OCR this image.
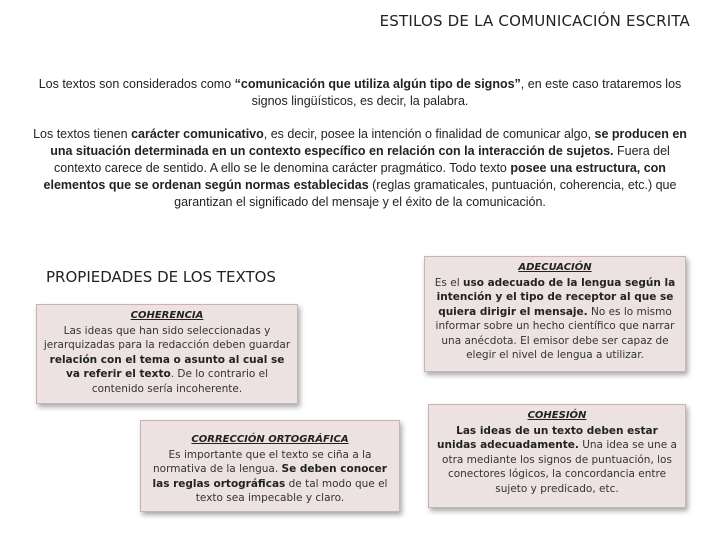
ESTILOS DE LA COMUNICACIÓN ESCRITA
Los textos son considerados como “comunicación que utiliza algún tipo de signos”, en este caso trataremos los signos lingüísticos, es decir, la palabra.
Los textos tienen carácter comunicativo, es decir, posee la intención o finalidad de comunicar algo, se producen en una situación determinada en un contexto específico en relación con la interacción de sujetos. Fuera del contexto carece de sentido. A ello se le denomina carácter pragmático. Todo texto posee una estructura, con elementos que se ordenan según normas establecidas (reglas gramaticales, puntuación, coherencia, etc.) que garantizan el significado del mensaje y el éxito de la comunicación.
PROPIEDADES DE LOS TEXTOS
COHERENCIA
Las ideas que han sido seleccionadas y jerarquizadas para la redacción deben guardar relación con el tema o asunto al cual se va referir el texto. De lo contrario el contenido sería incoherente.
ADECUACIÓN
Es el uso adecuado de la lengua según la intención y el tipo de receptor al que se quiera dirigir el mensaje. No es lo mismo informar sobre un hecho científico que narrar una anécdota. El emisor debe ser capaz de elegir el nivel de lengua a utilizar.
CORRECCIÓN ORTOGRÁFICA
Es importante que el texto se ciña a la normativa de la lengua. Se deben conocer las reglas ortográficas de tal modo que el texto sea impecable y claro.
COHESIÓN
Las ideas de un texto deben estar unidas adecuadamente. Una idea se une a otra mediante los signos de puntuación, los conectores lógicos, la concordancia entre sujeto y predicado, etc.
